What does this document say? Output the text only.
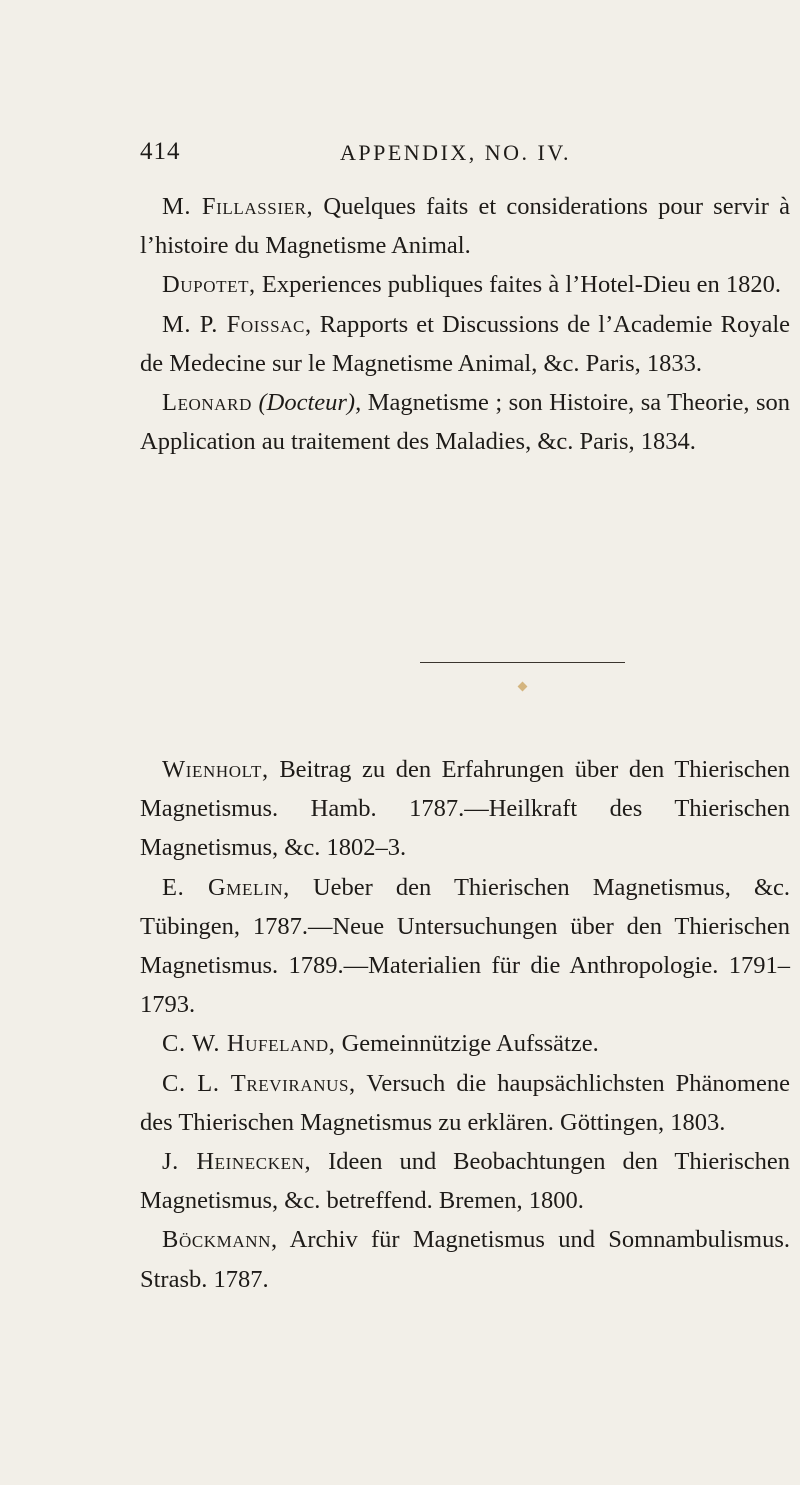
414	APPENDIX, NO. IV.

M. Fillassier, Quelques faits et considerations pour servir à l’histoire du Magnetisme Animal.

Dupotet, Experiences publiques faites à l’Hotel-Dieu en 1820.

M. P. Foissac, Rapports et Discussions de l’Academie Royale de Medecine sur le Magnetisme Animal, &c. Paris, 1833.

Leonard (Docteur), Magnetisme ; son Histoire, sa Theorie, son Application au traitement des Maladies, &c. Paris, 1834.

Wienholt, Beitrag zu den Erfahrungen über den Thierischen Magnetismus. Hamb. 1787.—Heilkraft des Thierischen Magnetismus, &c. 1802–3.

E. Gmelin, Ueber den Thierischen Magnetismus, &c. Tübingen, 1787.—Neue Untersuchungen über den Thierischen Magnetismus. 1789.—Materialien für die Anthropologie. 1791–1793.

C. W. Hufeland, Gemeinnützige Aufssätze.

C. L. Treviranus, Versuch die haupsächlichsten Phänomene des Thierischen Magnetismus zu erklären. Göttingen, 1803.

J. Heinecken, Ideen und Beobachtungen den Thierischen Magnetismus, &c. betreffend. Bremen, 1800.

Böckmann, Archiv für Magnetismus und Somnambulismus. Strasb. 1787.
